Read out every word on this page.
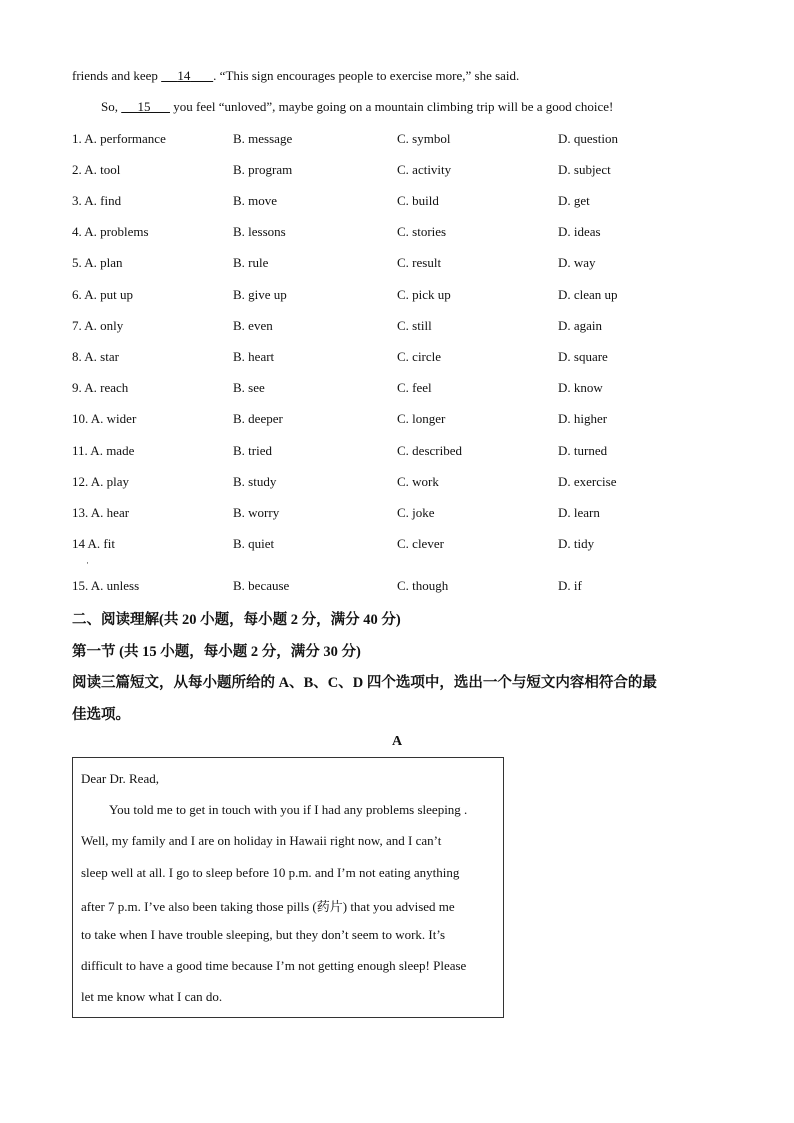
friends and keep      14 . “This sign encourages people to exercise more,” she said.
So,      15       you feel “unloved”, maybe going on a mountain climbing trip will be a good choice!
1. A. performance	B. message	C. symbol	D. question
2. A. tool	B. program	C. activity	D. subject
3. A. find	B. move	C. build	D. get
4. A. problems	B. lessons	C. stories	D. ideas
5. A. plan	B. rule	C. result	D. way
6. A. put up	B. give up	C. pick up	D. clean up
7. A. only	B. even	C. still	D. again
8. A. star	B. heart	C. circle	D. square
9. A. reach	B. see	C. feel	D. know
10. A. wider	B. deeper	C. longer	D. higher
11. A. made	B. tried	C. described	D. turned
12. A. play	B. study	C. work	D. exercise
13. A. hear	B. worry	C. joke	D. learn
14 A. fit	B. quiet	C. clever	D. tidy
·
15. A. unless	B. because	C. though	D. if
二、阅读理解(共 20 小题，每小题 2 分，满分 40 分)
第一节 (共 15 小题，每小题 2 分，满分 30 分)
阅读三篇短文，从每小题所给的 A、B、C、D 四个选项中，选出一个与短文内容相符合的最
佳选项。
A
Dear Dr. Read,
You told me to get in touch with you if I had any problems sleeping .
Well, my family and I are on holiday in Hawaii right now, and I can’t
sleep well at all. I go to sleep before 10 p.m. and I’m not eating anything
after 7 p.m. I’ve also been taking those pills (药片) that you advised me
to take when I have trouble sleeping, but they don’t seem to work. It’s
difficult to have a good time because I’m not getting enough sleep! Please
let me know what I can do.
